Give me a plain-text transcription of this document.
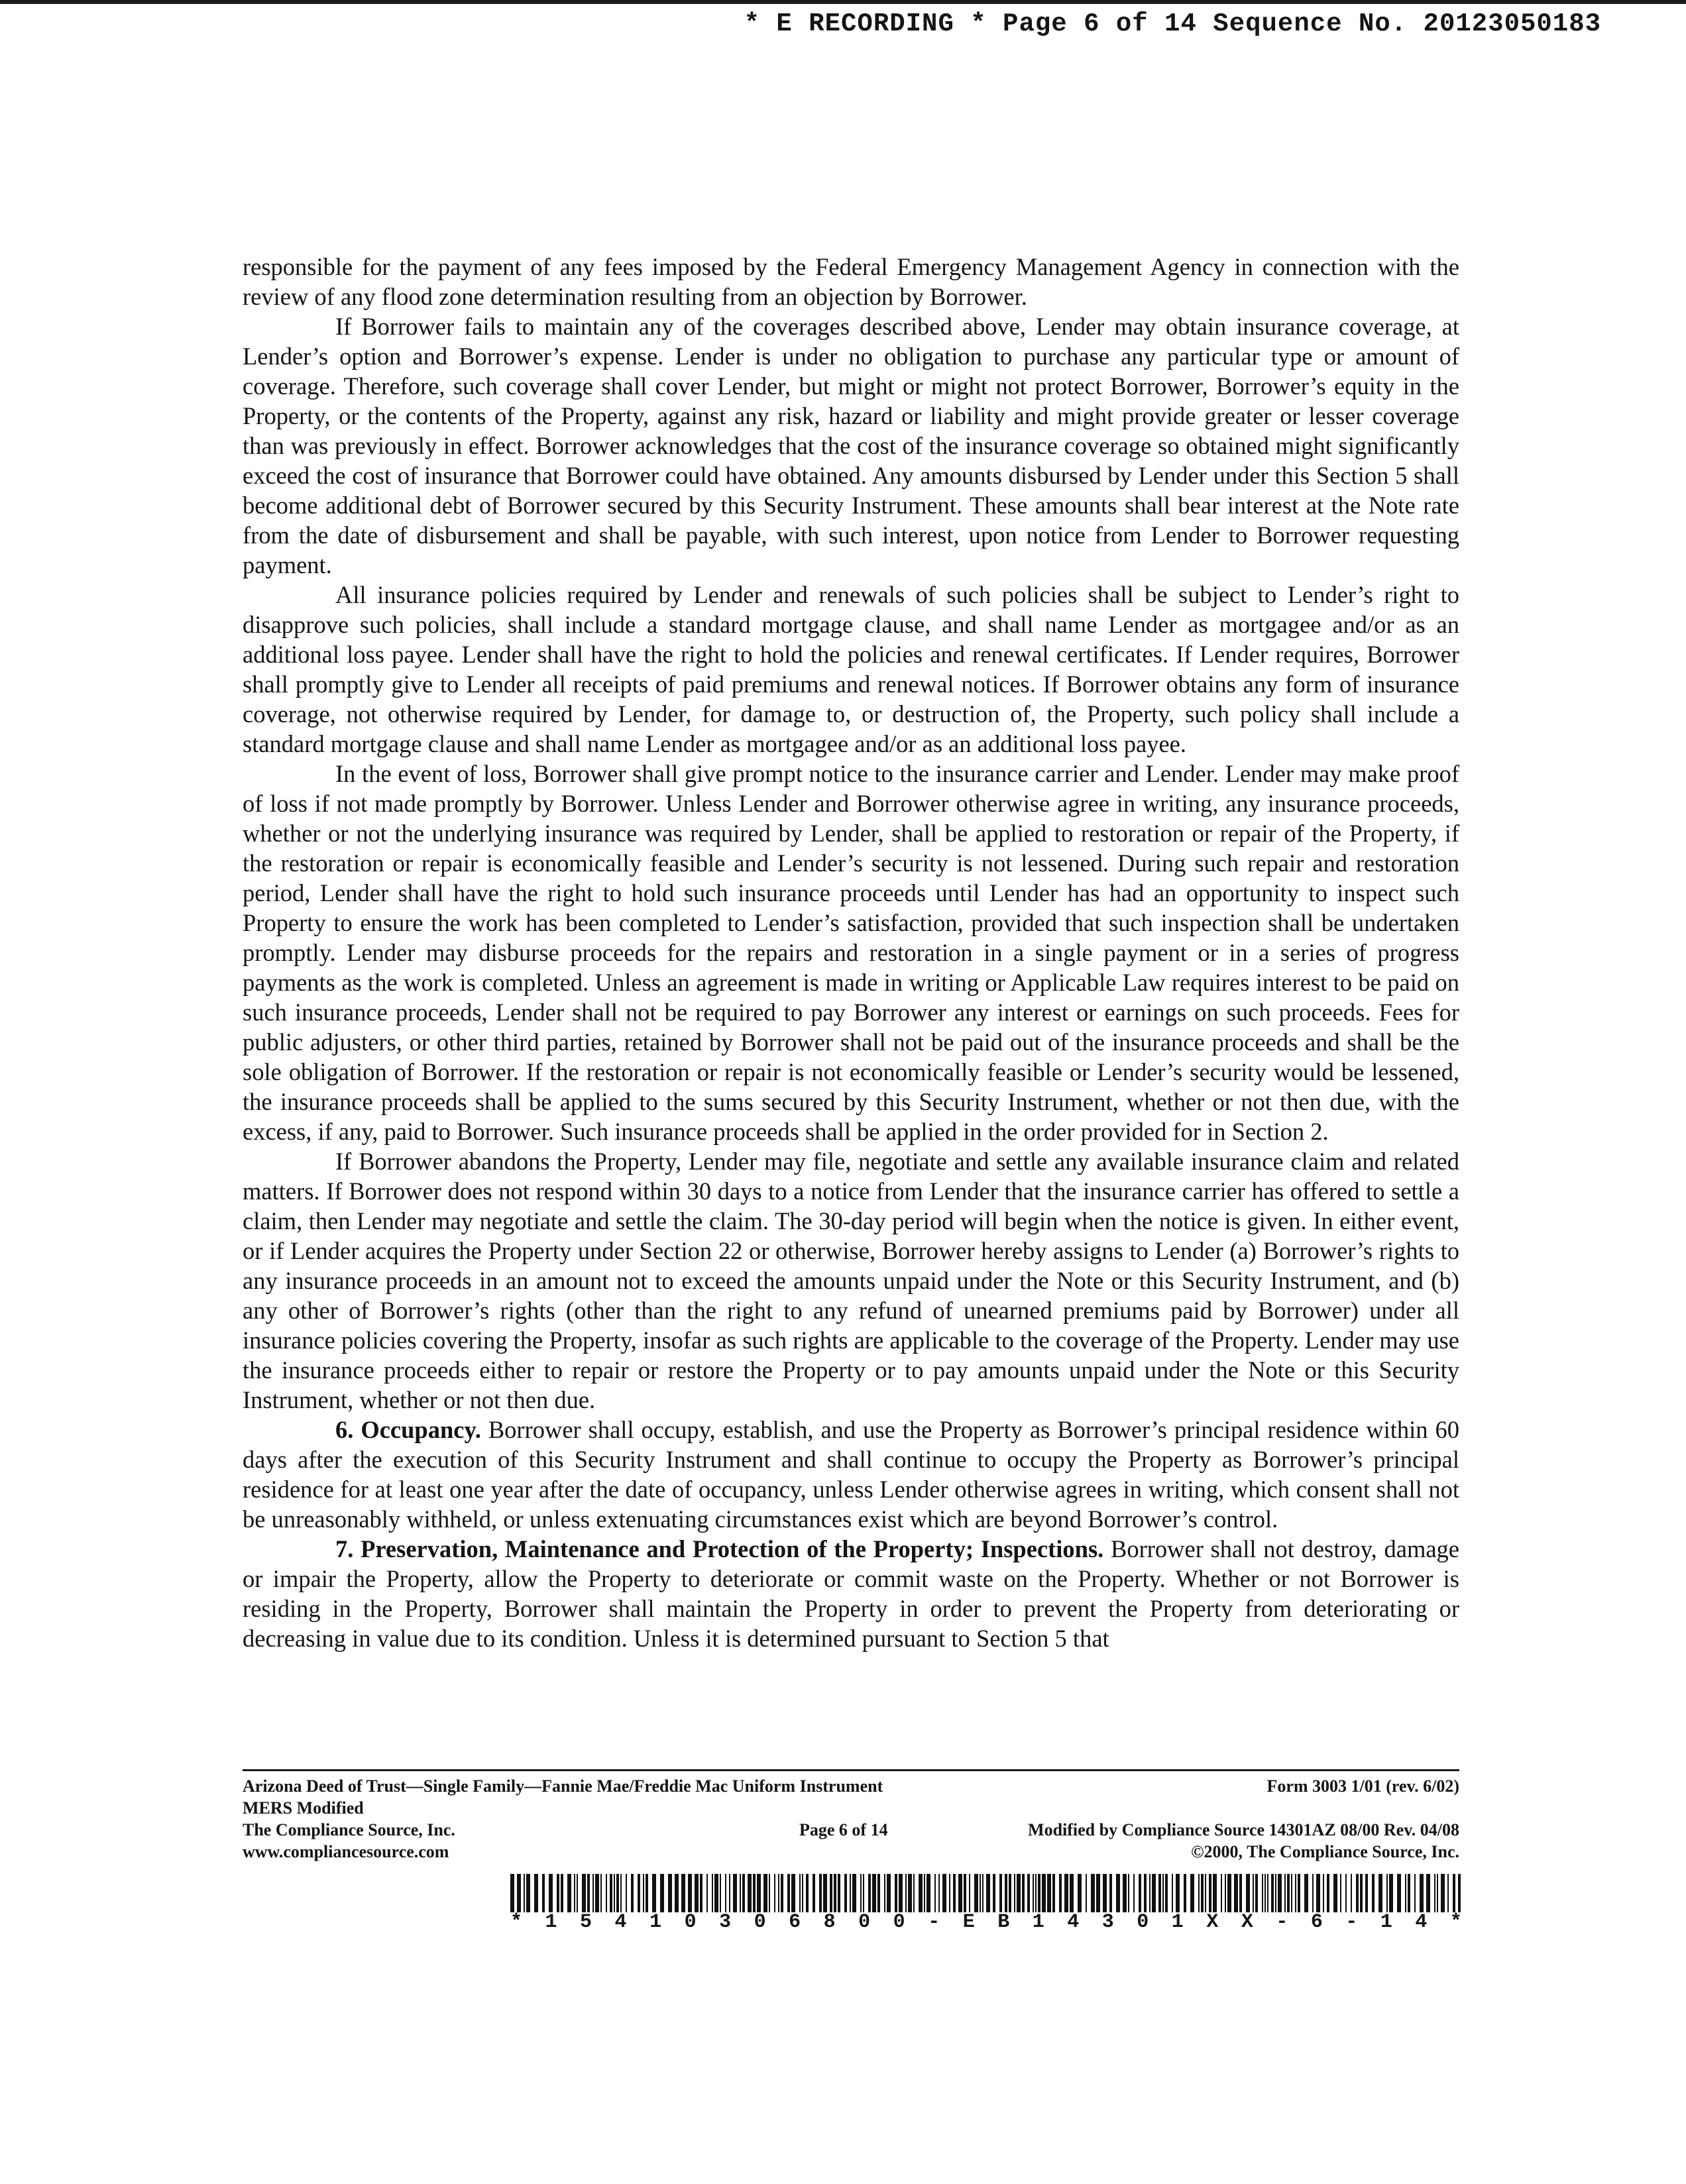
* E RECORDING * Page 6 of 14 Sequence No. 20123050183

responsible for the payment of any fees imposed by the Federal Emergency Management Agency in connection with the review of any flood zone determination resulting from an objection by Borrower.

If Borrower fails to maintain any of the coverages described above, Lender may obtain insurance coverage, at Lender’s option and Borrower’s expense. Lender is under no obligation to purchase any particular type or amount of coverage. Therefore, such coverage shall cover Lender, but might or might not protect Borrower, Borrower’s equity in the Property, or the contents of the Property, against any risk, hazard or liability and might provide greater or lesser coverage than was previously in effect. Borrower acknowledges that the cost of the insurance coverage so obtained might significantly exceed the cost of insurance that Borrower could have obtained. Any amounts disbursed by Lender under this Section 5 shall become additional debt of Borrower secured by this Security Instrument. These amounts shall bear interest at the Note rate from the date of disbursement and shall be payable, with such interest, upon notice from Lender to Borrower requesting payment.

All insurance policies required by Lender and renewals of such policies shall be subject to Lender’s right to disapprove such policies, shall include a standard mortgage clause, and shall name Lender as mortgagee and/or as an additional loss payee. Lender shall have the right to hold the policies and renewal certificates. If Lender requires, Borrower shall promptly give to Lender all receipts of paid premiums and renewal notices. If Borrower obtains any form of insurance coverage, not otherwise required by Lender, for damage to, or destruction of, the Property, such policy shall include a standard mortgage clause and shall name Lender as mortgagee and/or as an additional loss payee.

In the event of loss, Borrower shall give prompt notice to the insurance carrier and Lender. Lender may make proof of loss if not made promptly by Borrower. Unless Lender and Borrower otherwise agree in writing, any insurance proceeds, whether or not the underlying insurance was required by Lender, shall be applied to restoration or repair of the Property, if the restoration or repair is economically feasible and Lender’s security is not lessened. During such repair and restoration period, Lender shall have the right to hold such insurance proceeds until Lender has had an opportunity to inspect such Property to ensure the work has been completed to Lender’s satisfaction, provided that such inspection shall be undertaken promptly. Lender may disburse proceeds for the repairs and restoration in a single payment or in a series of progress payments as the work is completed. Unless an agreement is made in writing or Applicable Law requires interest to be paid on such insurance proceeds, Lender shall not be required to pay Borrower any interest or earnings on such proceeds. Fees for public adjusters, or other third parties, retained by Borrower shall not be paid out of the insurance proceeds and shall be the sole obligation of Borrower. If the restoration or repair is not economically feasible or Lender’s security would be lessened, the insurance proceeds shall be applied to the sums secured by this Security Instrument, whether or not then due, with the excess, if any, paid to Borrower. Such insurance proceeds shall be applied in the order provided for in Section 2.

If Borrower abandons the Property, Lender may file, negotiate and settle any available insurance claim and related matters. If Borrower does not respond within 30 days to a notice from Lender that the insurance carrier has offered to settle a claim, then Lender may negotiate and settle the claim. The 30-day period will begin when the notice is given. In either event, or if Lender acquires the Property under Section 22 or otherwise, Borrower hereby assigns to Lender (a) Borrower’s rights to any insurance proceeds in an amount not to exceed the amounts unpaid under the Note or this Security Instrument, and (b) any other of Borrower’s rights (other than the right to any refund of unearned premiums paid by Borrower) under all insurance policies covering the Property, insofar as such rights are applicable to the coverage of the Property. Lender may use the insurance proceeds either to repair or restore the Property or to pay amounts unpaid under the Note or this Security Instrument, whether or not then due.

6. Occupancy. Borrower shall occupy, establish, and use the Property as Borrower’s principal residence within 60 days after the execution of this Security Instrument and shall continue to occupy the Property as Borrower’s principal residence for at least one year after the date of occupancy, unless Lender otherwise agrees in writing, which consent shall not be unreasonably withheld, or unless extenuating circumstances exist which are beyond Borrower’s control.

7. Preservation, Maintenance and Protection of the Property; Inspections. Borrower shall not destroy, damage or impair the Property, allow the Property to deteriorate or commit waste on the Property. Whether or not Borrower is residing in the Property, Borrower shall maintain the Property in order to prevent the Property from deteriorating or decreasing in value due to its condition. Unless it is determined pursuant to Section 5 that

Arizona Deed of Trust—Single Family—Fannie Mae/Freddie Mac Uniform Instrument	Form 3003 1/01 (rev. 6/02)
MERS Modified
The Compliance Source, Inc.	Page 6 of 14	Modified by Compliance Source 14301AZ 08/00 Rev. 04/08
www.compliancesource.com	©2000, The Compliance Source, Inc.
* 1 5 4 1 0 3 0 6 8 0 0 - E B 1 4 3 0 1 X X - 6 - 1 4 *
